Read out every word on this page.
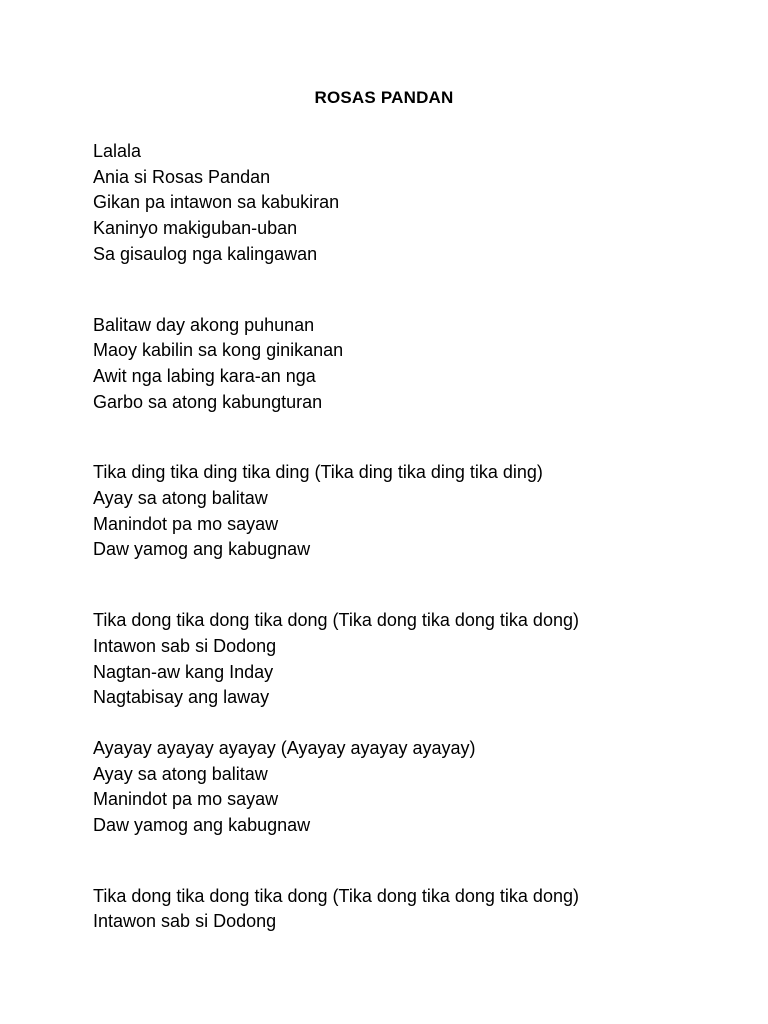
ROSAS PANDAN
Lalala
Ania si Rosas Pandan
Gikan pa intawon sa kabukiran
Kaninyo makiguban-uban
Sa gisaulog nga kalingawan
Balitaw day akong puhunan
Maoy kabilin sa kong ginikanan
Awit nga labing kara-an nga
Garbo sa atong kabungturan
Tika ding tika ding tika ding (Tika ding tika ding tika ding)
Ayay sa atong balitaw
Manindot pa mo sayaw
Daw yamog ang kabugnaw
Tika dong tika dong tika dong (Tika dong tika dong tika dong)
Intawon sab si Dodong
Nagtan-aw kang Inday
Nagtabisay ang laway
Ayayay ayayay ayayay (Ayayay ayayay ayayay)
Ayay sa atong balitaw
Manindot pa mo sayaw
Daw yamog ang kabugnaw
Tika dong tika dong tika dong (Tika dong tika dong tika dong)
Intawon sab si Dodong
